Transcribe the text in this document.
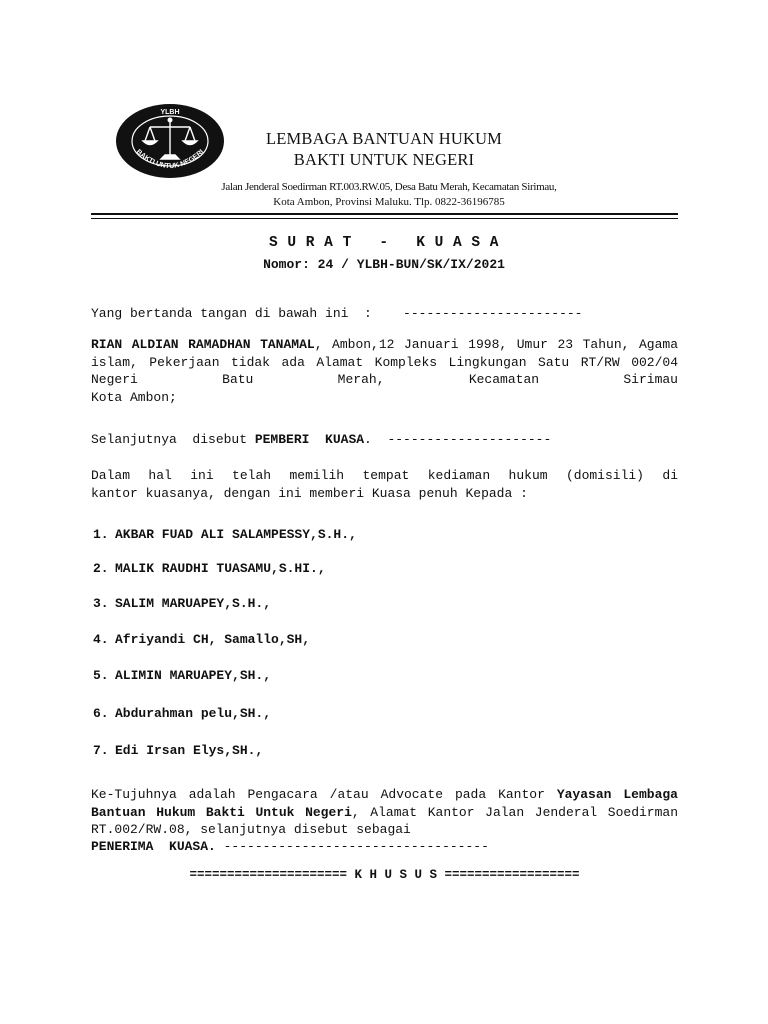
YLBH
BAKTI UNTUK NEGERI
LEMBAGA BANTUAN HUKUM
BAKTI UNTUK NEGERI
Jalan Jenderal Soedirman RT.003.RW.05, Desa Batu Merah, Kecamatan Sirimau,
Kota Ambon, Provinsi Maluku. Tlp. 0822-36196785
S U R A T   -   K U A S A
Nomor: 24 / YLBH-BUN/SK/IX/2021
Yang bertanda tangan di bawah ini  :    -----------------------
RIAN ALDIAN RAMADHAN TANAMAL, Ambon,12 Januari 1998, Umur 23 Tahun, Agama islam, Pekerjaan tidak ada Alamat Kompleks Lingkungan Satu RT/RW 002/04 Negeri Batu Merah, Kecamatan Sirimau
Kota Ambon;
Selanjutnya  disebut PEMBERI  KUASA.  ---------------------
Dalam hal ini telah memilih tempat kediaman hukum (domisili) di
kantor kuasanya, dengan ini memberi Kuasa penuh Kepada :
1. AKBAR FUAD ALI SALAMPESSY,S.H.,
2. MALIK RAUDHI TUASAMU,S.HI.,
3. SALIM MARUAPEY,S.H.,
4. Afriyandi CH, Samallo,SH,
5. ALIMIN MARUAPEY,SH.,
6. Abdurahman pelu,SH.,
7. Edi Irsan Elys,SH.,
Ke-Tujuhnya adalah Pengacara /atau Advocate pada Kantor Yayasan Lembaga Bantuan Hukum Bakti Untuk Negeri, Alamat Kantor Jalan Jenderal Soedirman RT.002/RW.08, selanjutnya disebut sebagai
PENERIMA  KUASA. ----------------------------------
===================== K H U S U S ==================
